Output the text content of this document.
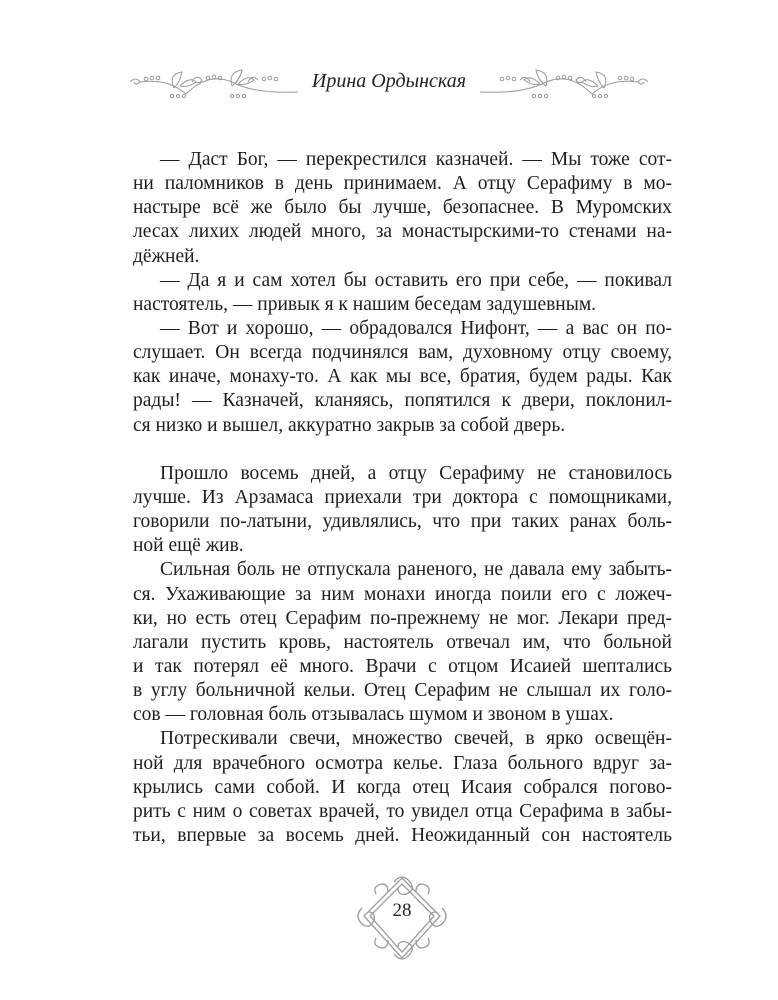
Ирина Ордынская
— Даст Бог, — перекрестился казначей. — Мы тоже сот-
ни паломников в день принимаем. А отцу Серафиму в мо-
настыре всё же было бы лучше, безопаснее. В Муромских
лесах лихих людей много, за монастырскими-то стенами на-
дёжней.
— Да я и сам хотел бы оставить его при себе, — покивал
настоятель, — привык я к нашим беседам задушевным.
— Вот и хорошо, — обрадовался Нифонт, — а вас он по-
слушает. Он всегда подчинялся вам, духовному отцу своему,
как иначе, монаху-то. А как мы все, братия, будем рады. Как
рады! — Казначей, кланяясь, попятился к двери, поклонил-
ся низко и вышел, аккуратно закрыв за собой дверь.
Прошло восемь дней, а отцу Серафиму не становилось
лучше. Из Арзамаса приехали три доктора с помощниками,
говорили по-латыни, удивлялись, что при таких ранах боль-
ной ещё жив.
Сильная боль не отпускала раненого, не давала ему забыть-
ся. Ухаживающие за ним монахи иногда поили его с ложеч-
ки, но есть отец Серафим по-прежнему не мог. Лекари пред-
лагали пустить кровь, настоятель отвечал им, что больной
и так потерял её много. Врачи с отцом Исаией шептались
в углу больничной кельи. Отец Серафим не слышал их голо-
сов — головная боль отзывалась шумом и звоном в ушах.
Потрескивали свечи, множество свечей, в ярко освещён-
ной для врачебного осмотра келье. Глаза больного вдруг за-
крылись сами собой. И когда отец Исаия собрался погово-
рить с ним о советах врачей, то увидел отца Серафима в забы-
тьи, впервые за восемь дней. Неожиданный сон настоятель
28
